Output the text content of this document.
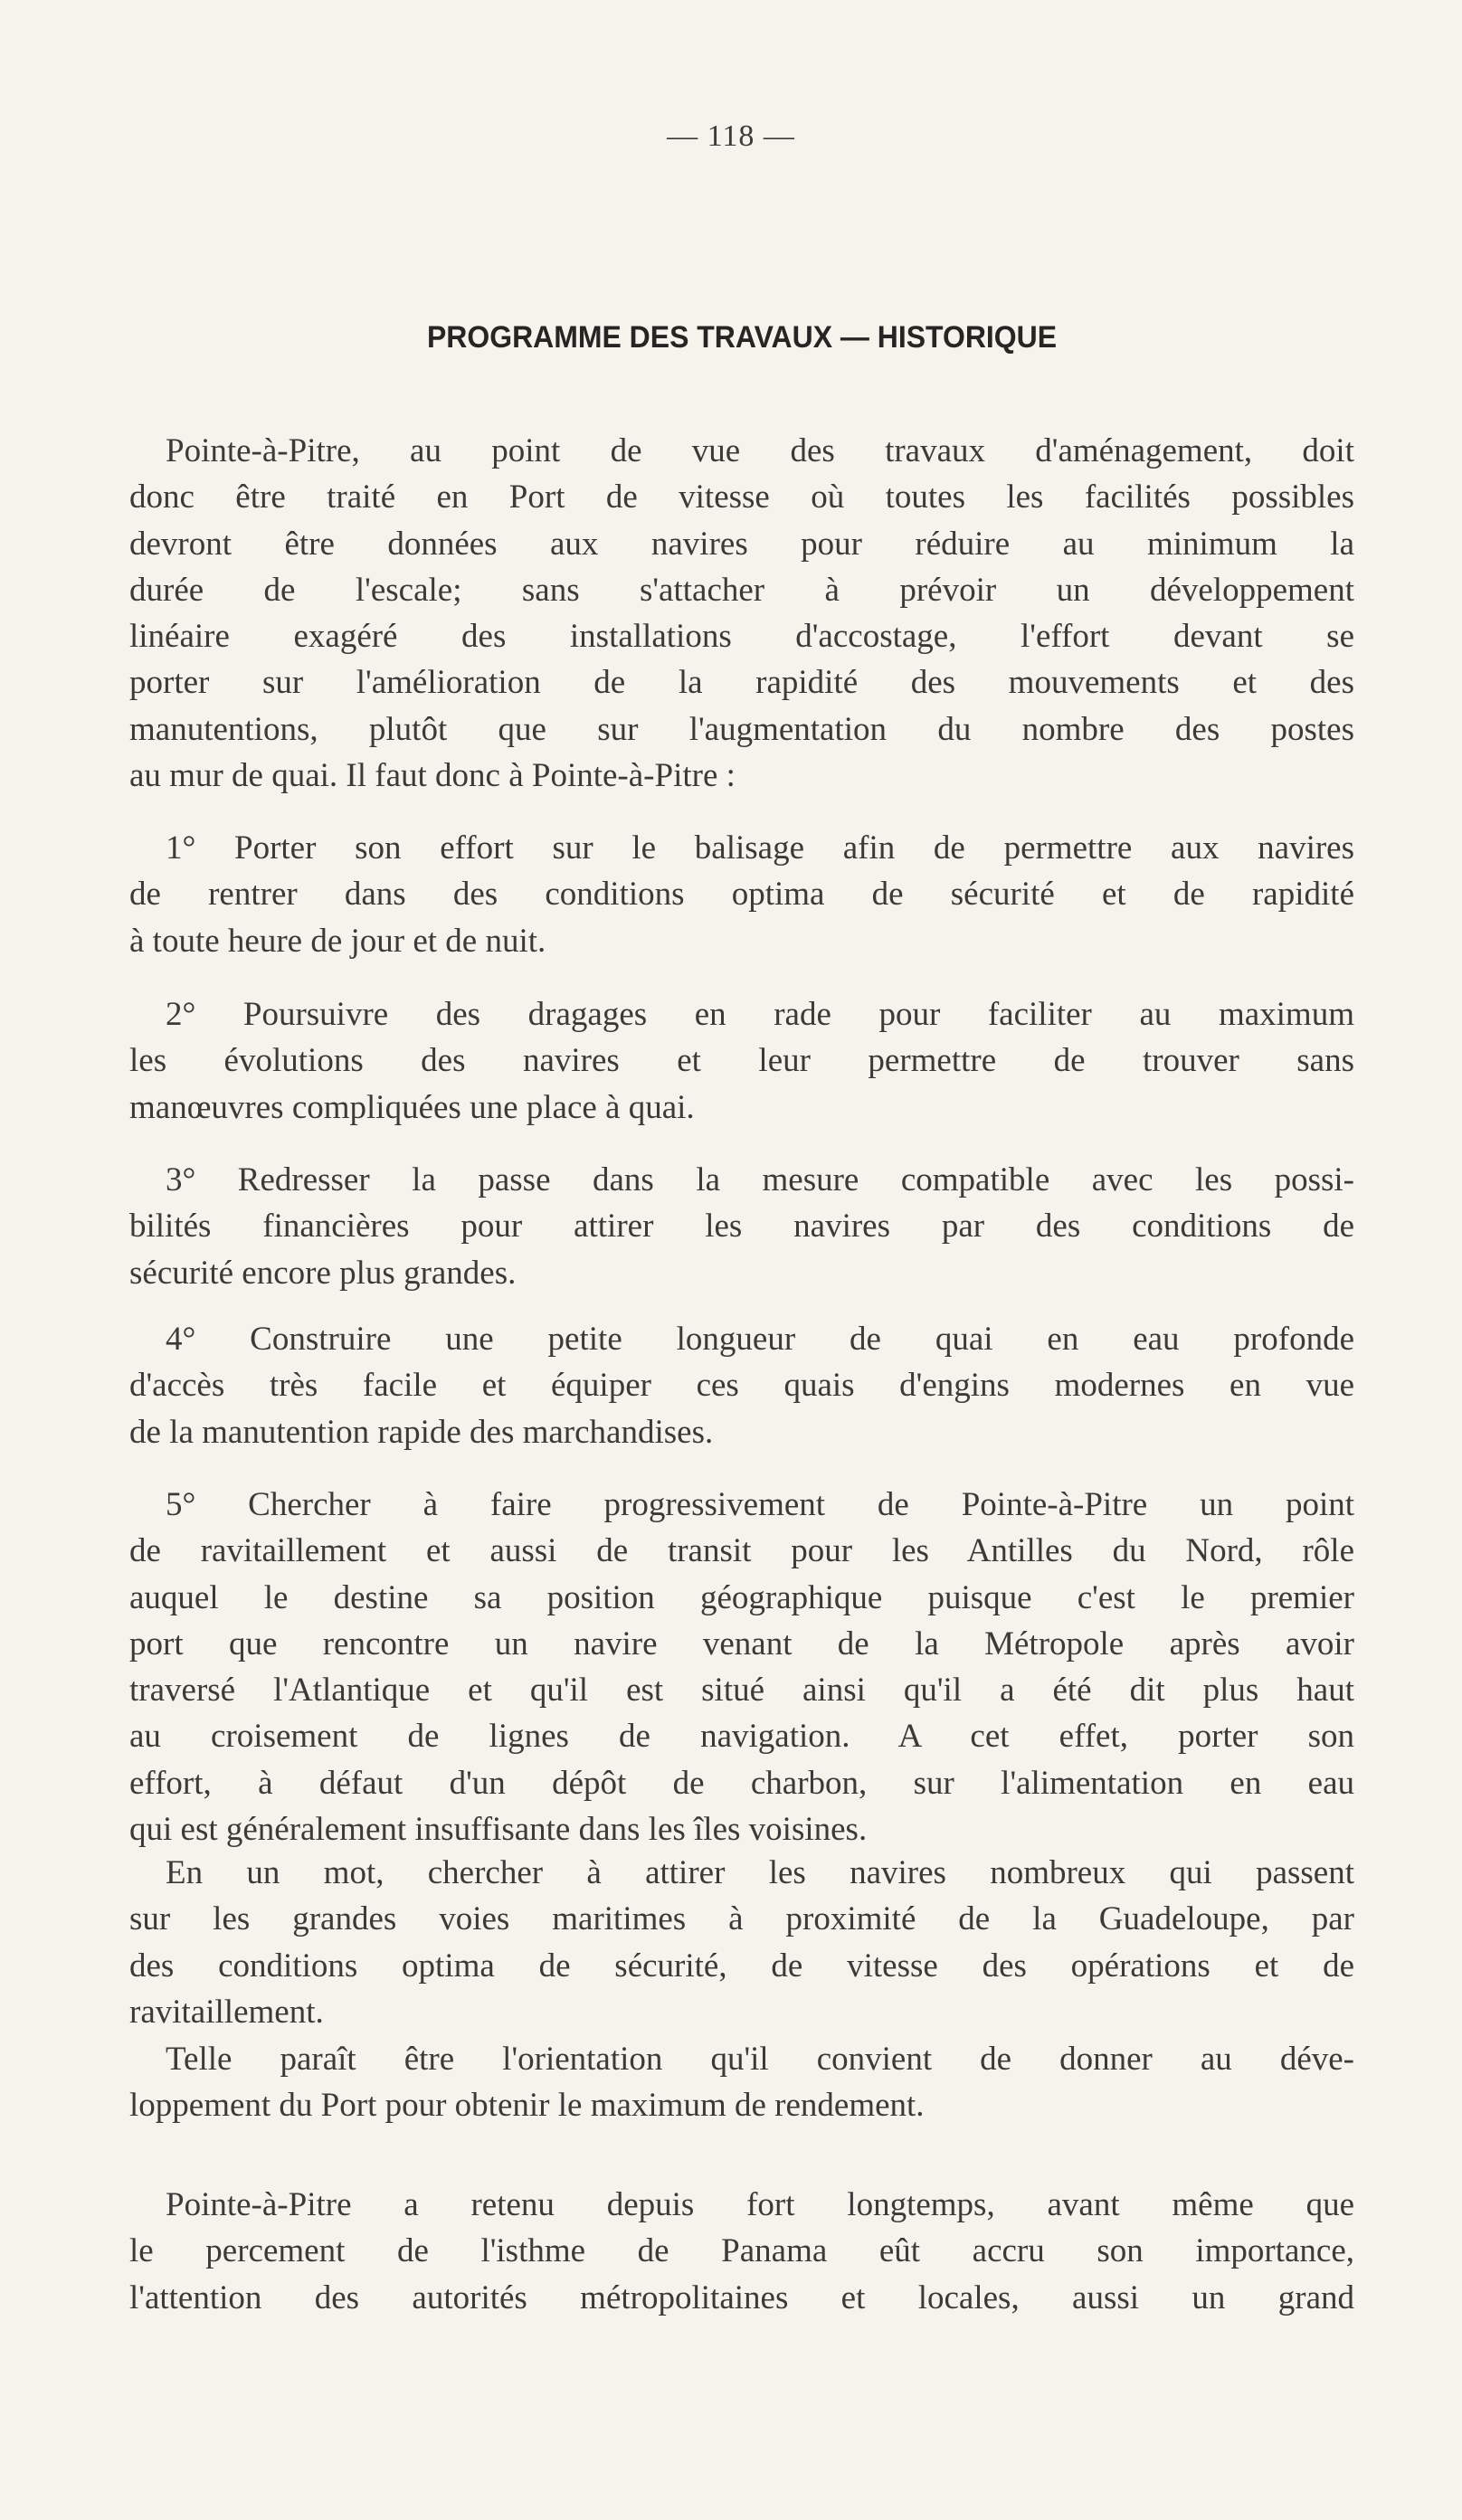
— 118 —
PROGRAMME DES TRAVAUX — HISTORIQUE
Pointe-à-Pitre, au point de vue des travaux d'aménagement, doit
donc être traité en Port de vitesse où toutes les facilités possibles
devront être données aux navires pour réduire au minimum la
durée de l'escale; sans s'attacher à prévoir un développement
linéaire exagéré des installations d'accostage, l'effort devant se
porter sur l'amélioration de la rapidité des mouvements et des
manutentions, plutôt que sur l'augmentation du nombre des postes
au mur de quai. Il faut donc à Pointe-à-Pitre :
1° Porter son effort sur le balisage afin de permettre aux navires
de rentrer dans des conditions optima de sécurité et de rapidité
à toute heure de jour et de nuit.
2° Poursuivre des dragages en rade pour faciliter au maximum
les évolutions des navires et leur permettre de trouver sans
manœuvres compliquées une place à quai.
3° Redresser la passe dans la mesure compatible avec les possi-
bilités financières pour attirer les navires par des conditions de
sécurité encore plus grandes.
4° Construire une petite longueur de quai en eau profonde
d'accès très facile et équiper ces quais d'engins modernes en vue
de la manutention rapide des marchandises.
5° Chercher à faire progressivement de Pointe-à-Pitre un point
de ravitaillement et aussi de transit pour les Antilles du Nord, rôle
auquel le destine sa position géographique puisque c'est le premier
port que rencontre un navire venant de la Métropole après avoir
traversé l'Atlantique et qu'il est situé ainsi qu'il a été dit plus haut
au croisement de lignes de navigation. A cet effet, porter son
effort, à défaut d'un dépôt de charbon, sur l'alimentation en eau
qui est généralement insuffisante dans les îles voisines.
En un mot, chercher à attirer les navires nombreux qui passent
sur les grandes voies maritimes à proximité de la Guadeloupe, par
des conditions optima de sécurité, de vitesse des opérations et de
ravitaillement.
Telle paraît être l'orientation qu'il convient de donner au déve-
loppement du Port pour obtenir le maximum de rendement.
Pointe-à-Pitre a retenu depuis fort longtemps, avant même que
le percement de l'isthme de Panama eût accru son importance,
l'attention des autorités métropolitaines et locales, aussi un grand
